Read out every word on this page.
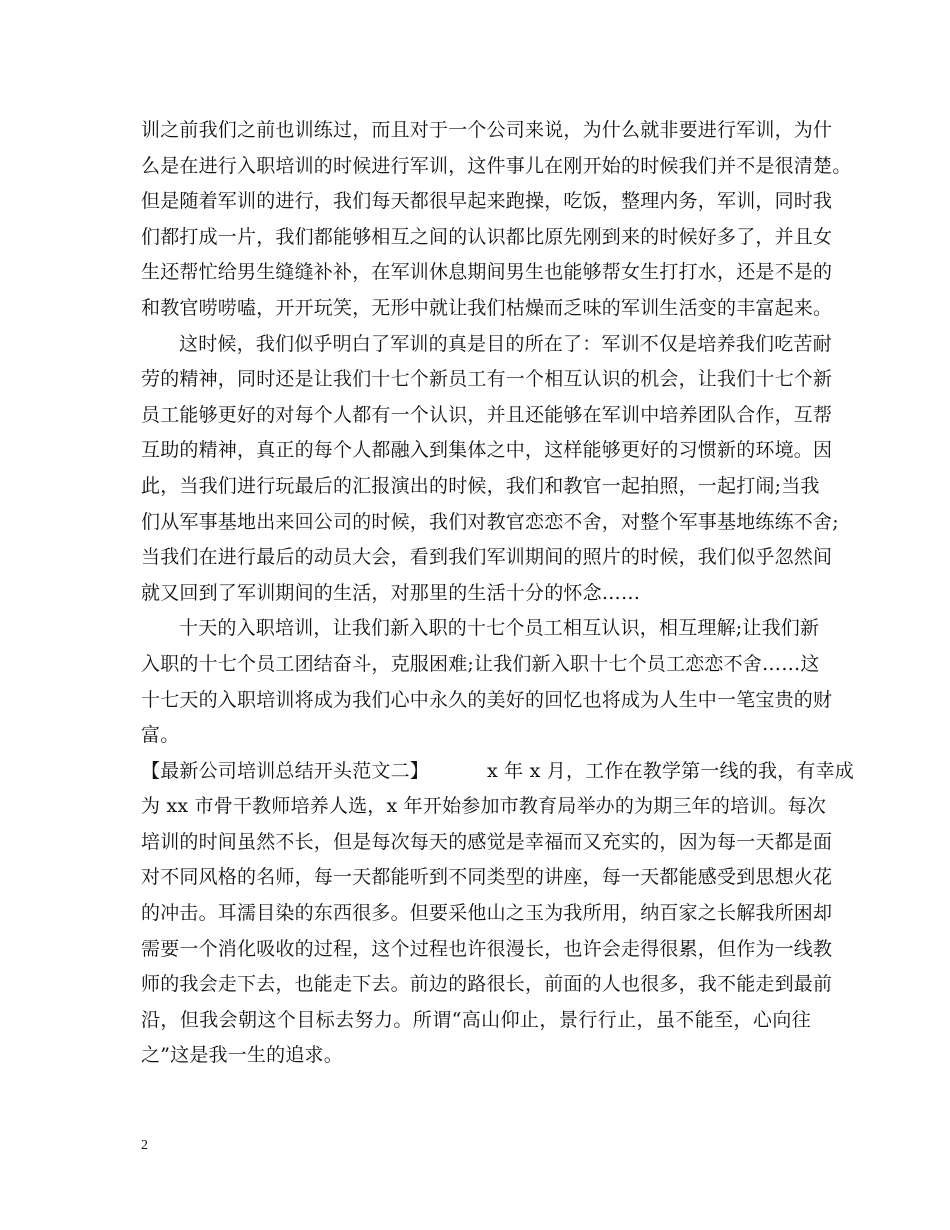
训之前我们之前也训练过，而且对于一个公司来说，为什么就非要进行军训，为什
么是在进行入职培训的时候进行军训，这件事儿在刚开始的时候我们并不是很清楚。
但是随着军训的进行，我们每天都很早起来跑操，吃饭，整理内务，军训，同时我
们都打成一片，我们都能够相互之间的认识都比原先刚到来的时候好多了，并且女
生还帮忙给男生缝缝补补，在军训休息期间男生也能够帮女生打打水，还是不是的
和教官唠唠嗑，开开玩笑，无形中就让我们枯燥而乏味的军训生活变的丰富起来。
这时候，我们似乎明白了军训的真是目的所在了：军训不仅是培养我们吃苦耐
劳的精神，同时还是让我们十七个新员工有一个相互认识的机会，让我们十七个新
员工能够更好的对每个人都有一个认识，并且还能够在军训中培养团队合作，互帮
互助的精神，真正的每个人都融入到集体之中，这样能够更好的习惯新的环境。因
此，当我们进行玩最后的汇报演出的时候，我们和教官一起拍照，一起打闹;当我
们从军事基地出来回公司的时候，我们对教官恋恋不舍，对整个军事基地练练不舍;
当我们在进行最后的动员大会，看到我们军训期间的照片的时候，我们似乎忽然间
就又回到了军训期间的生活，对那里的生活十分的怀念……
十天的入职培训，让我们新入职的十七个员工相互认识，相互理解;让我们新
入职的十七个员工团结奋斗，克服困难;让我们新入职十七个员工恋恋不舍……这
十七天的入职培训将成为我们心中永久的美好的回忆也将成为人生中一笔宝贵的财
富。
【最新公司培训总结开头范文二】	x 年 x 月，工作在教学第一线的我，有幸成
为 xx 市骨干教师培养人选，x 年开始参加市教育局举办的为期三年的培训。每次
培训的时间虽然不长，但是每次每天的感觉是幸福而又充实的，因为每一天都是面
对不同风格的名师，每一天都能听到不同类型的讲座，每一天都能感受到思想火花
的冲击。耳濡目染的东西很多。但要采他山之玉为我所用，纳百家之长解我所困却
需要一个消化吸收的过程，这个过程也许很漫长，也许会走得很累，但作为一线教
师的我会走下去，也能走下去。前边的路很长，前面的人也很多，我不能走到最前
沿，但我会朝这个目标去努力。所谓“高山仰止，景行行止，虽不能至，心向往
之”这是我一生的追求。
2
